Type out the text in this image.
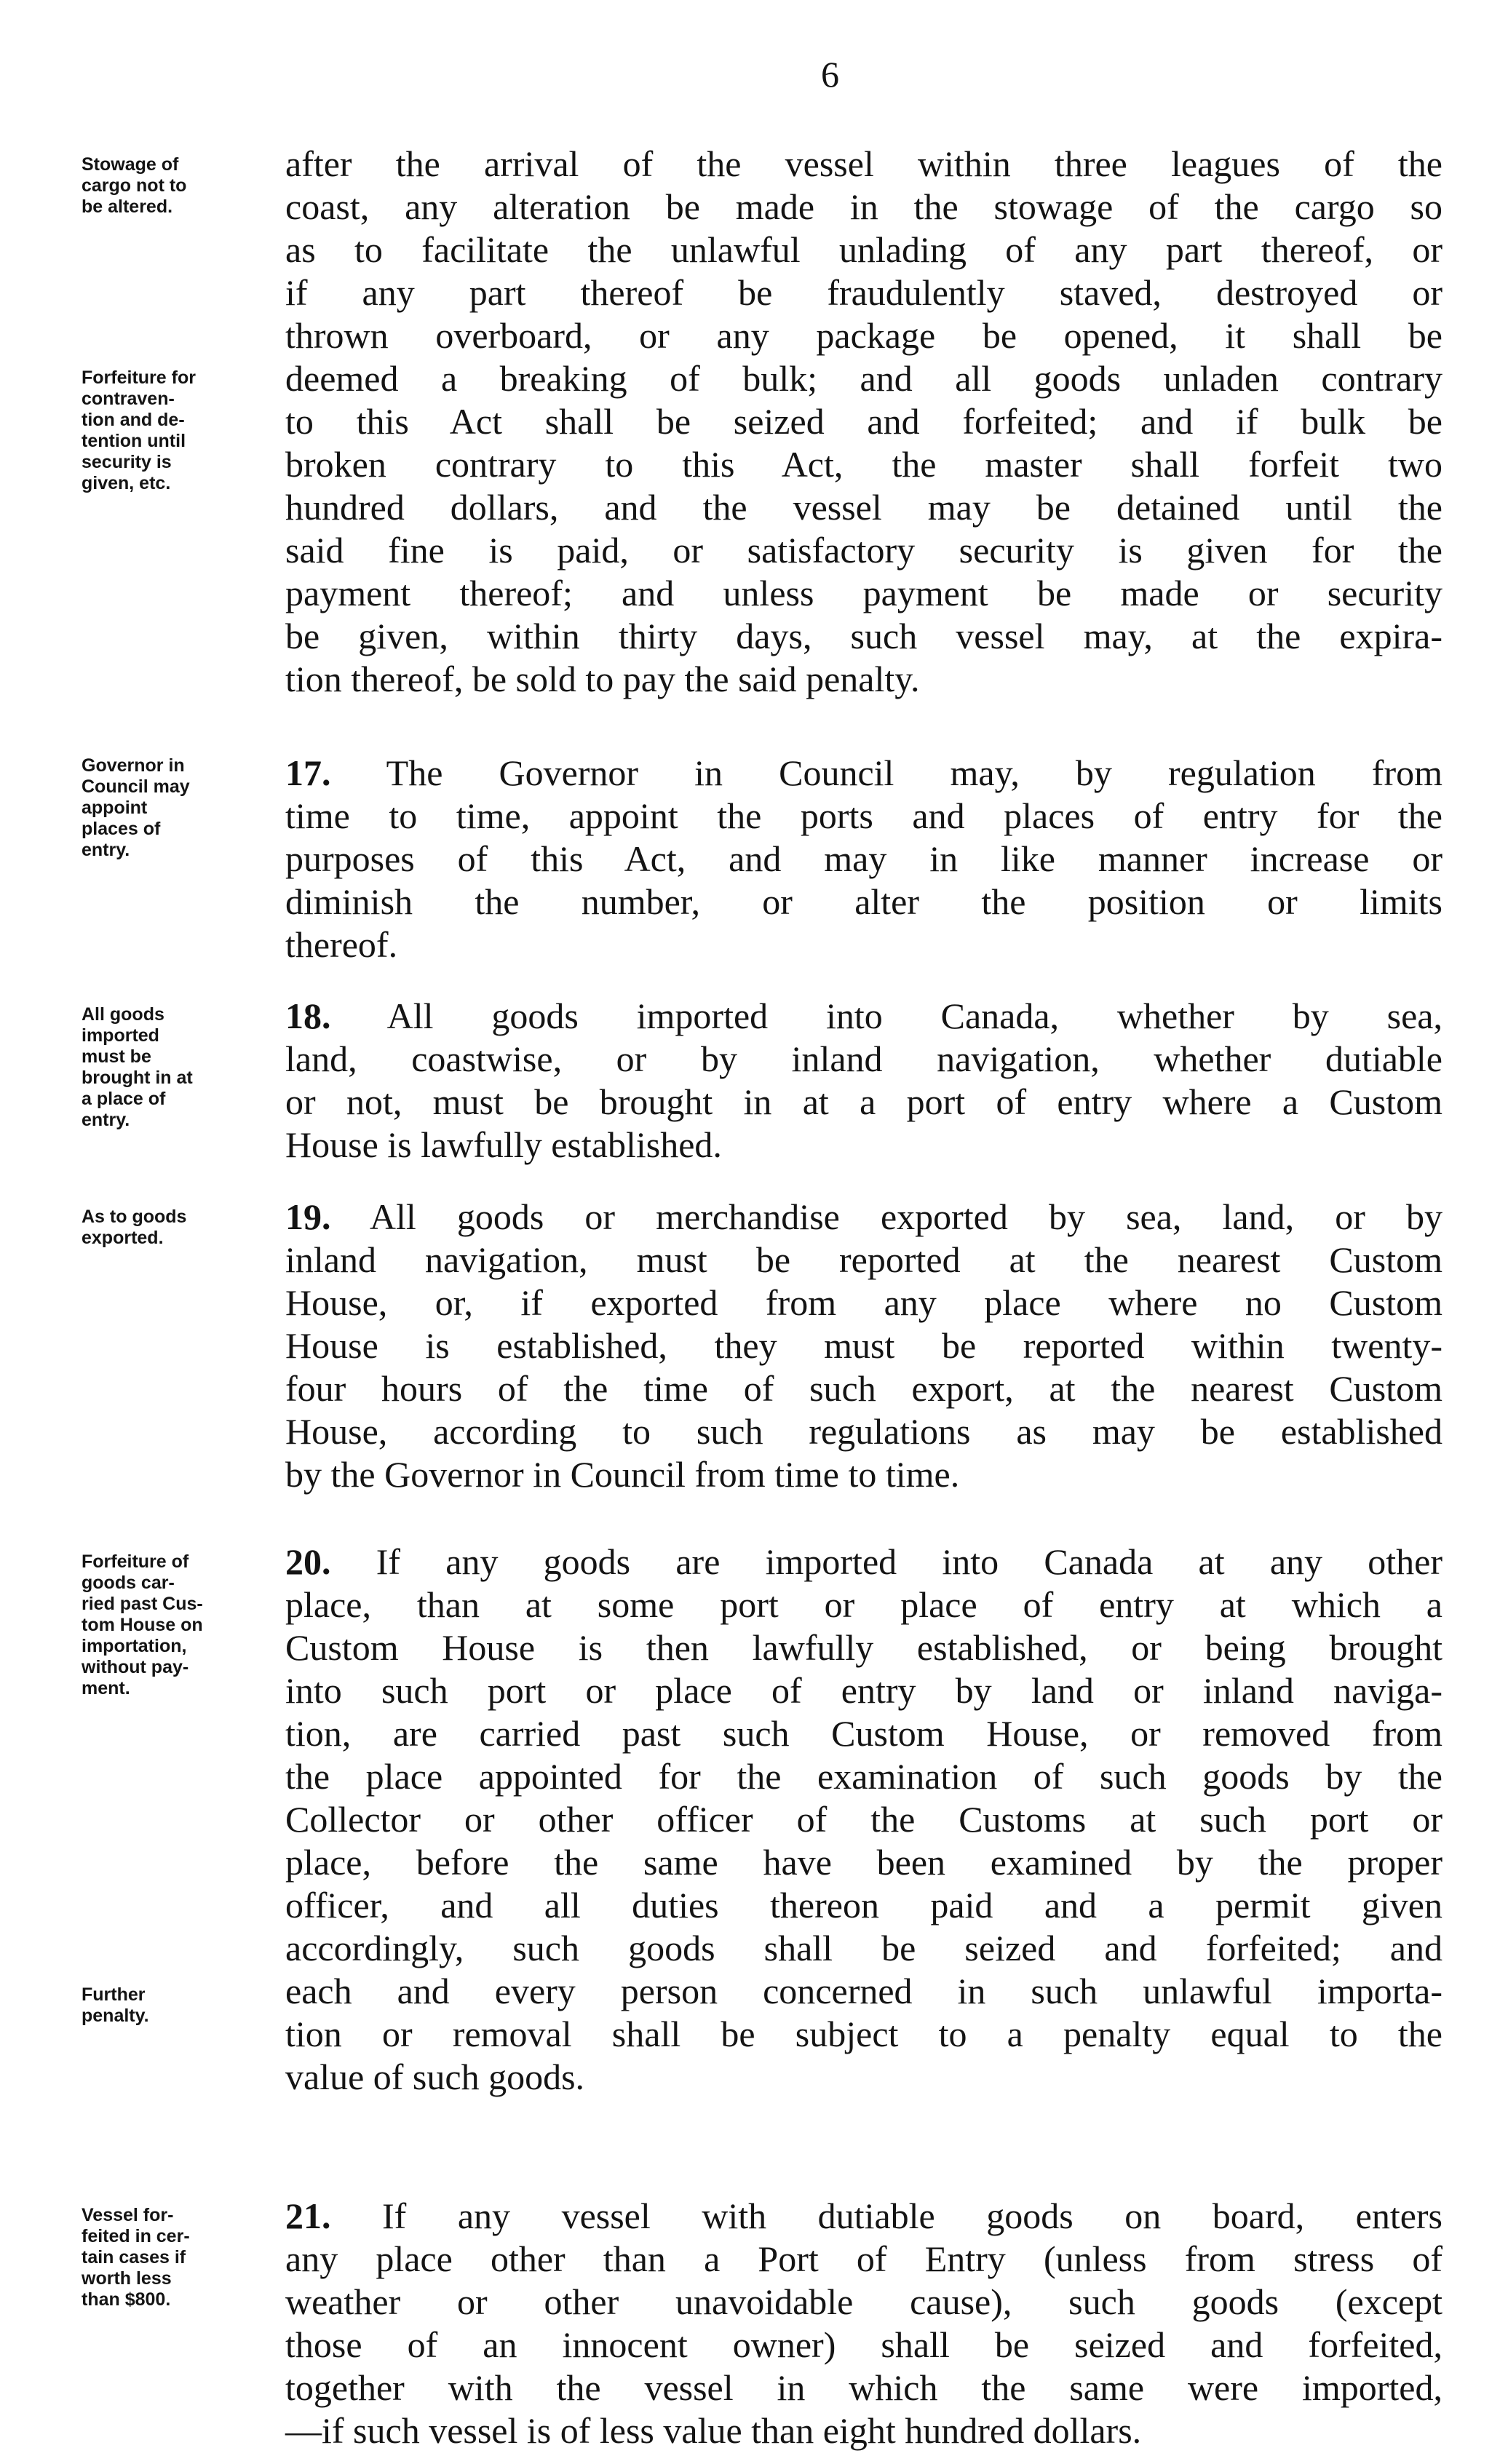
6
Stowage of
cargo not to
be altered.
Forfeiture for
contraven-
tion and de-
tention until
security is
given, etc.
Governor in
Council may
appoint
places of
entry.
All goods
imported
must be
brought in at
a place of
entry.
As to goods
exported.
Forfeiture of
goods car-
ried past Cus-
tom House on
importation,
without pay-
ment.
Further
penalty.
Vessel for-
feited in cer-
tain cases if
worth less
than $800.
after the arrival of the vessel within three leagues of the
coast, any alteration be made in the stowage of the cargo so
as to facilitate the unlawful unlading of any part thereof, or
if any part thereof be fraudulently staved, destroyed or
thrown overboard, or any package be opened, it shall be
deemed a breaking of bulk; and all goods unladen contrary
to this Act shall be seized and forfeited; and if bulk be
broken contrary to this Act, the master shall forfeit two
hundred dollars, and the vessel may be detained until the
said fine is paid, or satisfactory security is given for the
payment thereof; and unless payment be made or security
be given, within thirty days, such vessel may, at the expira-
tion thereof, be sold to pay the said penalty.
17. The Governor in Council may, by regulation from
time to time, appoint the ports and places of entry for the
purposes of this Act, and may in like manner increase or
diminish the number, or alter the position or limits
thereof.
18. All goods imported into Canada, whether by sea,
land, coastwise, or by inland navigation, whether dutiable
or not, must be brought in at a port of entry where a Custom
House is lawfully established.
19. All goods or merchandise exported by sea, land, or by
inland navigation, must be reported at the nearest Custom
House, or, if exported from any place where no Custom
House is established, they must be reported within twenty-
four hours of the time of such export, at the nearest Custom
House, according to such regulations as may be established
by the Governor in Council from time to time.
20. If any goods are imported into Canada at any other
place, than at some port or place of entry at which a
Custom House is then lawfully established, or being brought
into such port or place of entry by land or inland naviga-
tion, are carried past such Custom House, or removed from
the place appointed for the examination of such goods by the
Collector or other officer of the Customs at such port or
place, before the same have been examined by the proper
officer, and all duties thereon paid and a permit given
accordingly, such goods shall be seized and forfeited; and
each and every person concerned in such unlawful importa-
tion or removal shall be subject to a penalty equal to the
value of such goods.
21. If any vessel with dutiable goods on board, enters
any place other than a Port of Entry (unless from stress of
weather or other unavoidable cause), such goods (except
those of an innocent owner) shall be seized and forfeited,
together with the vessel in which the same were imported,
—if such vessel is of less value than eight hundred dollars.
